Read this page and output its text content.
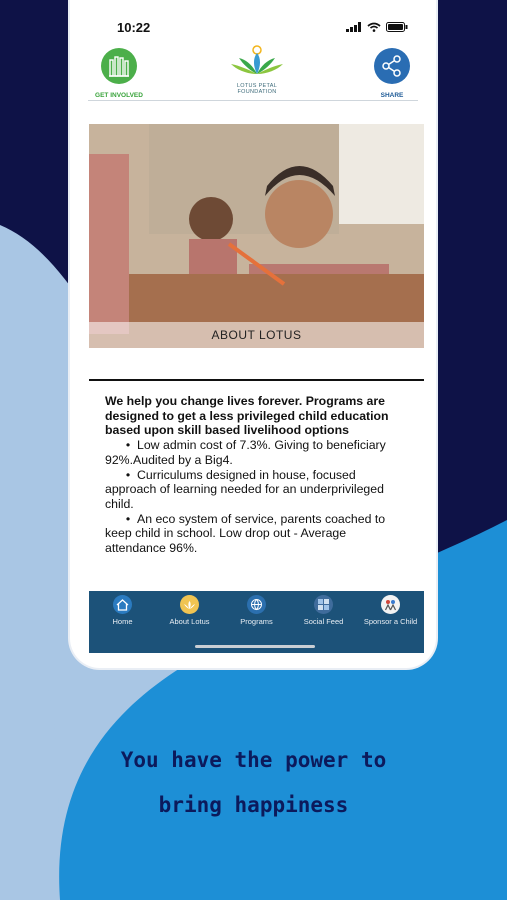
10:22
GET INVOLVED
LOTUS PETAL
FOUNDATION	SHARE
ABOUT LOTUS

We help you change lives forever. Programs are designed to get a less privileged child education based upon skill based livelihood options

• Low admin cost of 7.3%. Giving to beneficiary 92%.Audited by a Big4.

• Curriculums designed in house, focused approach of learning needed for an underprivileged child.

• An eco system of service, parents coached to keep child in school. Low drop out - Average attendance 96%.

Home	About Lotus	Programs	Social Feed	Sponsor a Child
You have the power to
bring happiness
